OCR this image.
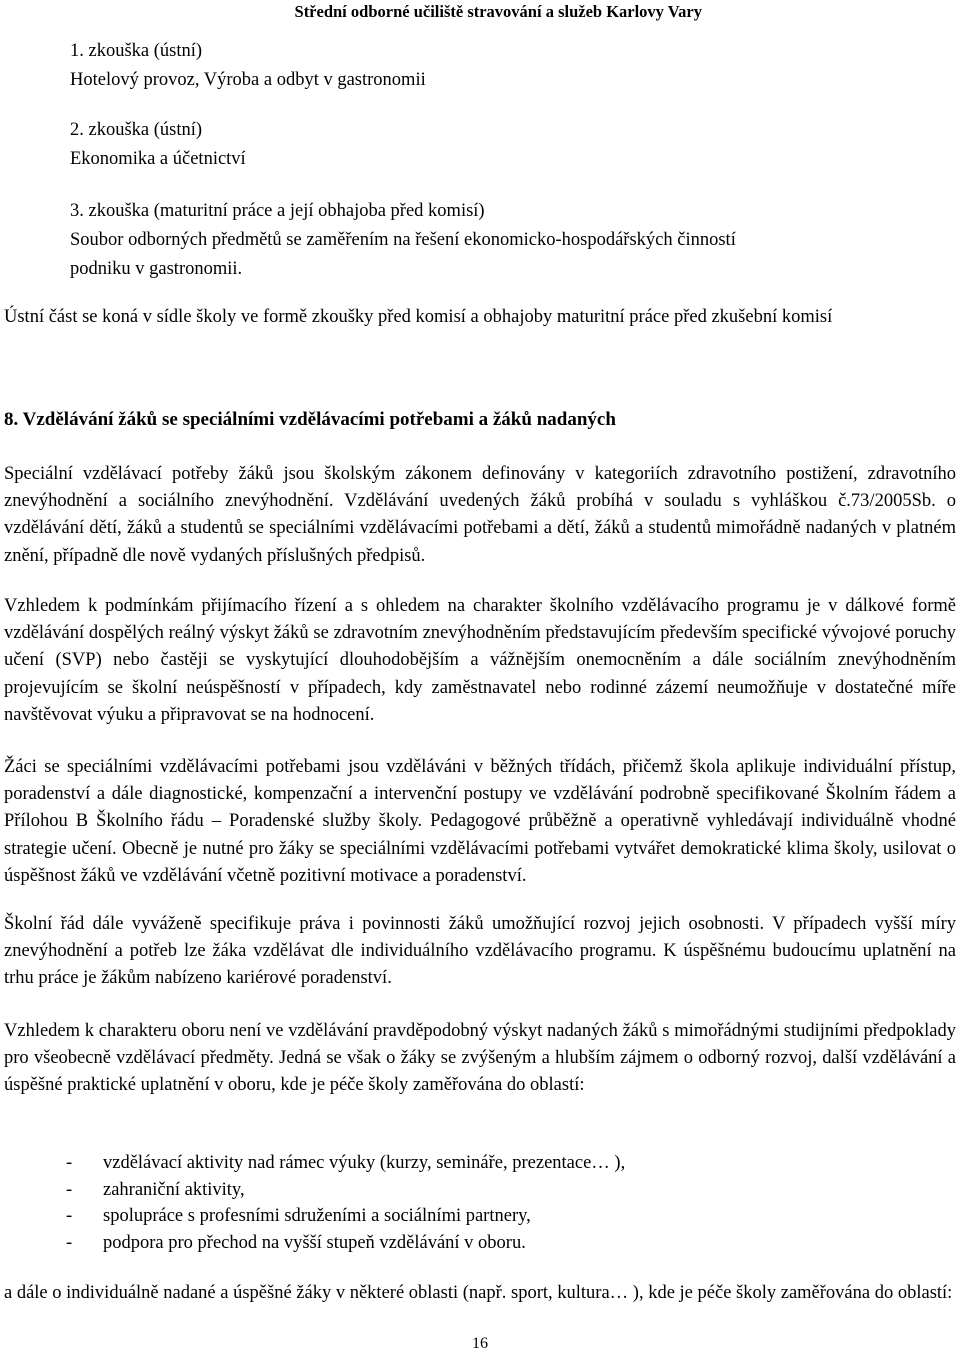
Střední odborné učiliště stravování a služeb Karlovy Vary
1. zkouška (ústní)
Hotelový provoz, Výroba a odbyt v gastronomii
2. zkouška (ústní)
Ekonomika a účetnictví
3. zkouška (maturitní práce a její obhajoba před komisí)
Soubor odborných předmětů se zaměřením na řešení ekonomicko-hospodářských činností
podniku v gastronomii.
Ústní část se koná v sídle školy ve formě zkoušky před komisí a obhajoby maturitní práce před zkušební komisí
8. Vzdělávání žáků se speciálními vzdělávacími potřebami a žáků nadaných
Speciální vzdělávací potřeby žáků jsou školským zákonem definovány v kategoriích zdravotního postižení, zdravotního znevýhodnění a sociálního znevýhodnění. Vzdělávání uvedených žáků probíhá v souladu s vyhláškou č.73/2005Sb. o vzdělávání dětí, žáků a studentů se speciálními vzdělávacími potřebami a dětí, žáků a studentů mimořádně nadaných v platném znění, případně dle nově vydaných příslušných předpisů.
Vzhledem k podmínkám přijímacího řízení a s ohledem na charakter školního vzdělávacího programu je v dálkové formě vzdělávání dospělých reálný výskyt žáků se zdravotním znevýhodněním představujícím především specifické vývojové poruchy učení (SVP) nebo častěji se vyskytující dlouhodobějším a vážnějším onemocněním a dále sociálním znevýhodněním projevujícím se školní neúspěšností v případech, kdy zaměstnavatel nebo rodinné zázemí neumožňuje v dostatečné míře navštěvovat výuku a připravovat se na hodnocení.
Žáci se speciálními vzdělávacími potřebami jsou vzděláváni v běžných třídách, přičemž škola aplikuje individuální přístup, poradenství a dále diagnostické, kompenzační a intervenční postupy ve vzdělávání podrobně specifikované Školním řádem a Přílohou B Školního řádu – Poradenské služby školy. Pedagogové průběžně a operativně vyhledávají individuálně vhodné strategie učení. Obecně je nutné pro žáky se speciálními vzdělávacími potřebami vytvářet demokratické klima školy, usilovat o úspěšnost žáků ve vzdělávání včetně pozitivní motivace a poradenství.
Školní řád dále vyváženě specifikuje práva i povinnosti žáků umožňující rozvoj jejich osobnosti. V případech vyšší míry znevýhodnění a potřeb lze žáka vzdělávat dle individuálního vzdělávacího programu. K úspěšnému budoucímu uplatnění na trhu práce je žákům nabízeno kariérové poradenství.
Vzhledem k charakteru oboru není ve vzdělávání pravděpodobný výskyt nadaných žáků s mimořádnými studijními předpoklady pro všeobecně vzdělávací předměty. Jedná se však o žáky se zvýšeným a hlubším zájmem o odborný rozvoj, další vzdělávání a úspěšné praktické uplatnění v oboru, kde je péče školy zaměřována do oblastí:
- vzdělávací aktivity nad rámec výuky (kurzy, semináře, prezentace… ),
- zahraniční aktivity,
- spolupráce s profesními sdruženími a sociálními partnery,
- podpora pro přechod na vyšší stupeň vzdělávání v oboru.
a dále o individuálně nadané a úspěšné žáky v některé oblasti (např. sport, kultura… ), kde je péče školy zaměřována do oblastí:
16
